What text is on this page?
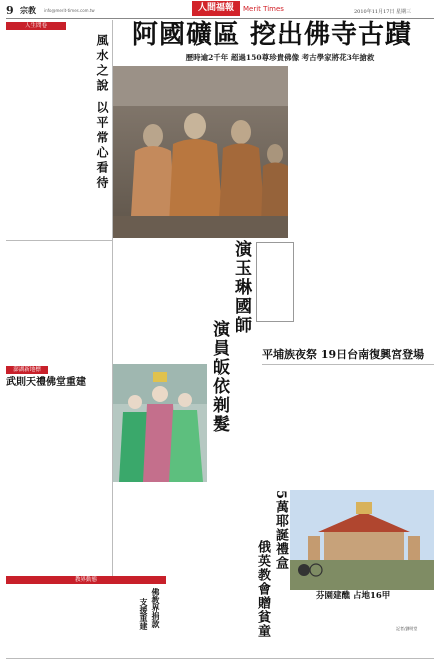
9 宗教 info@merit-times.com.tw	人間福報	Merit Times	2010年11月17日 星期三
阿國礦區 挖出佛寺古蹟
歷時逾2千年 超過150尊珍貴佛像 考古學家將花3年搶救
人生問卷
風水之說 以平常心看待
演玉琳國師
演員皈依剃髮	平埔族夜祭 19日台南復興宮登場
澎湖新地標
武則天禮佛堂重建
5萬耶誕禮盒
俄英教會贈貧童	芬園建醮 占地16甲
記者/劉明堂
教界動態
佛教界捐款
支援重建
